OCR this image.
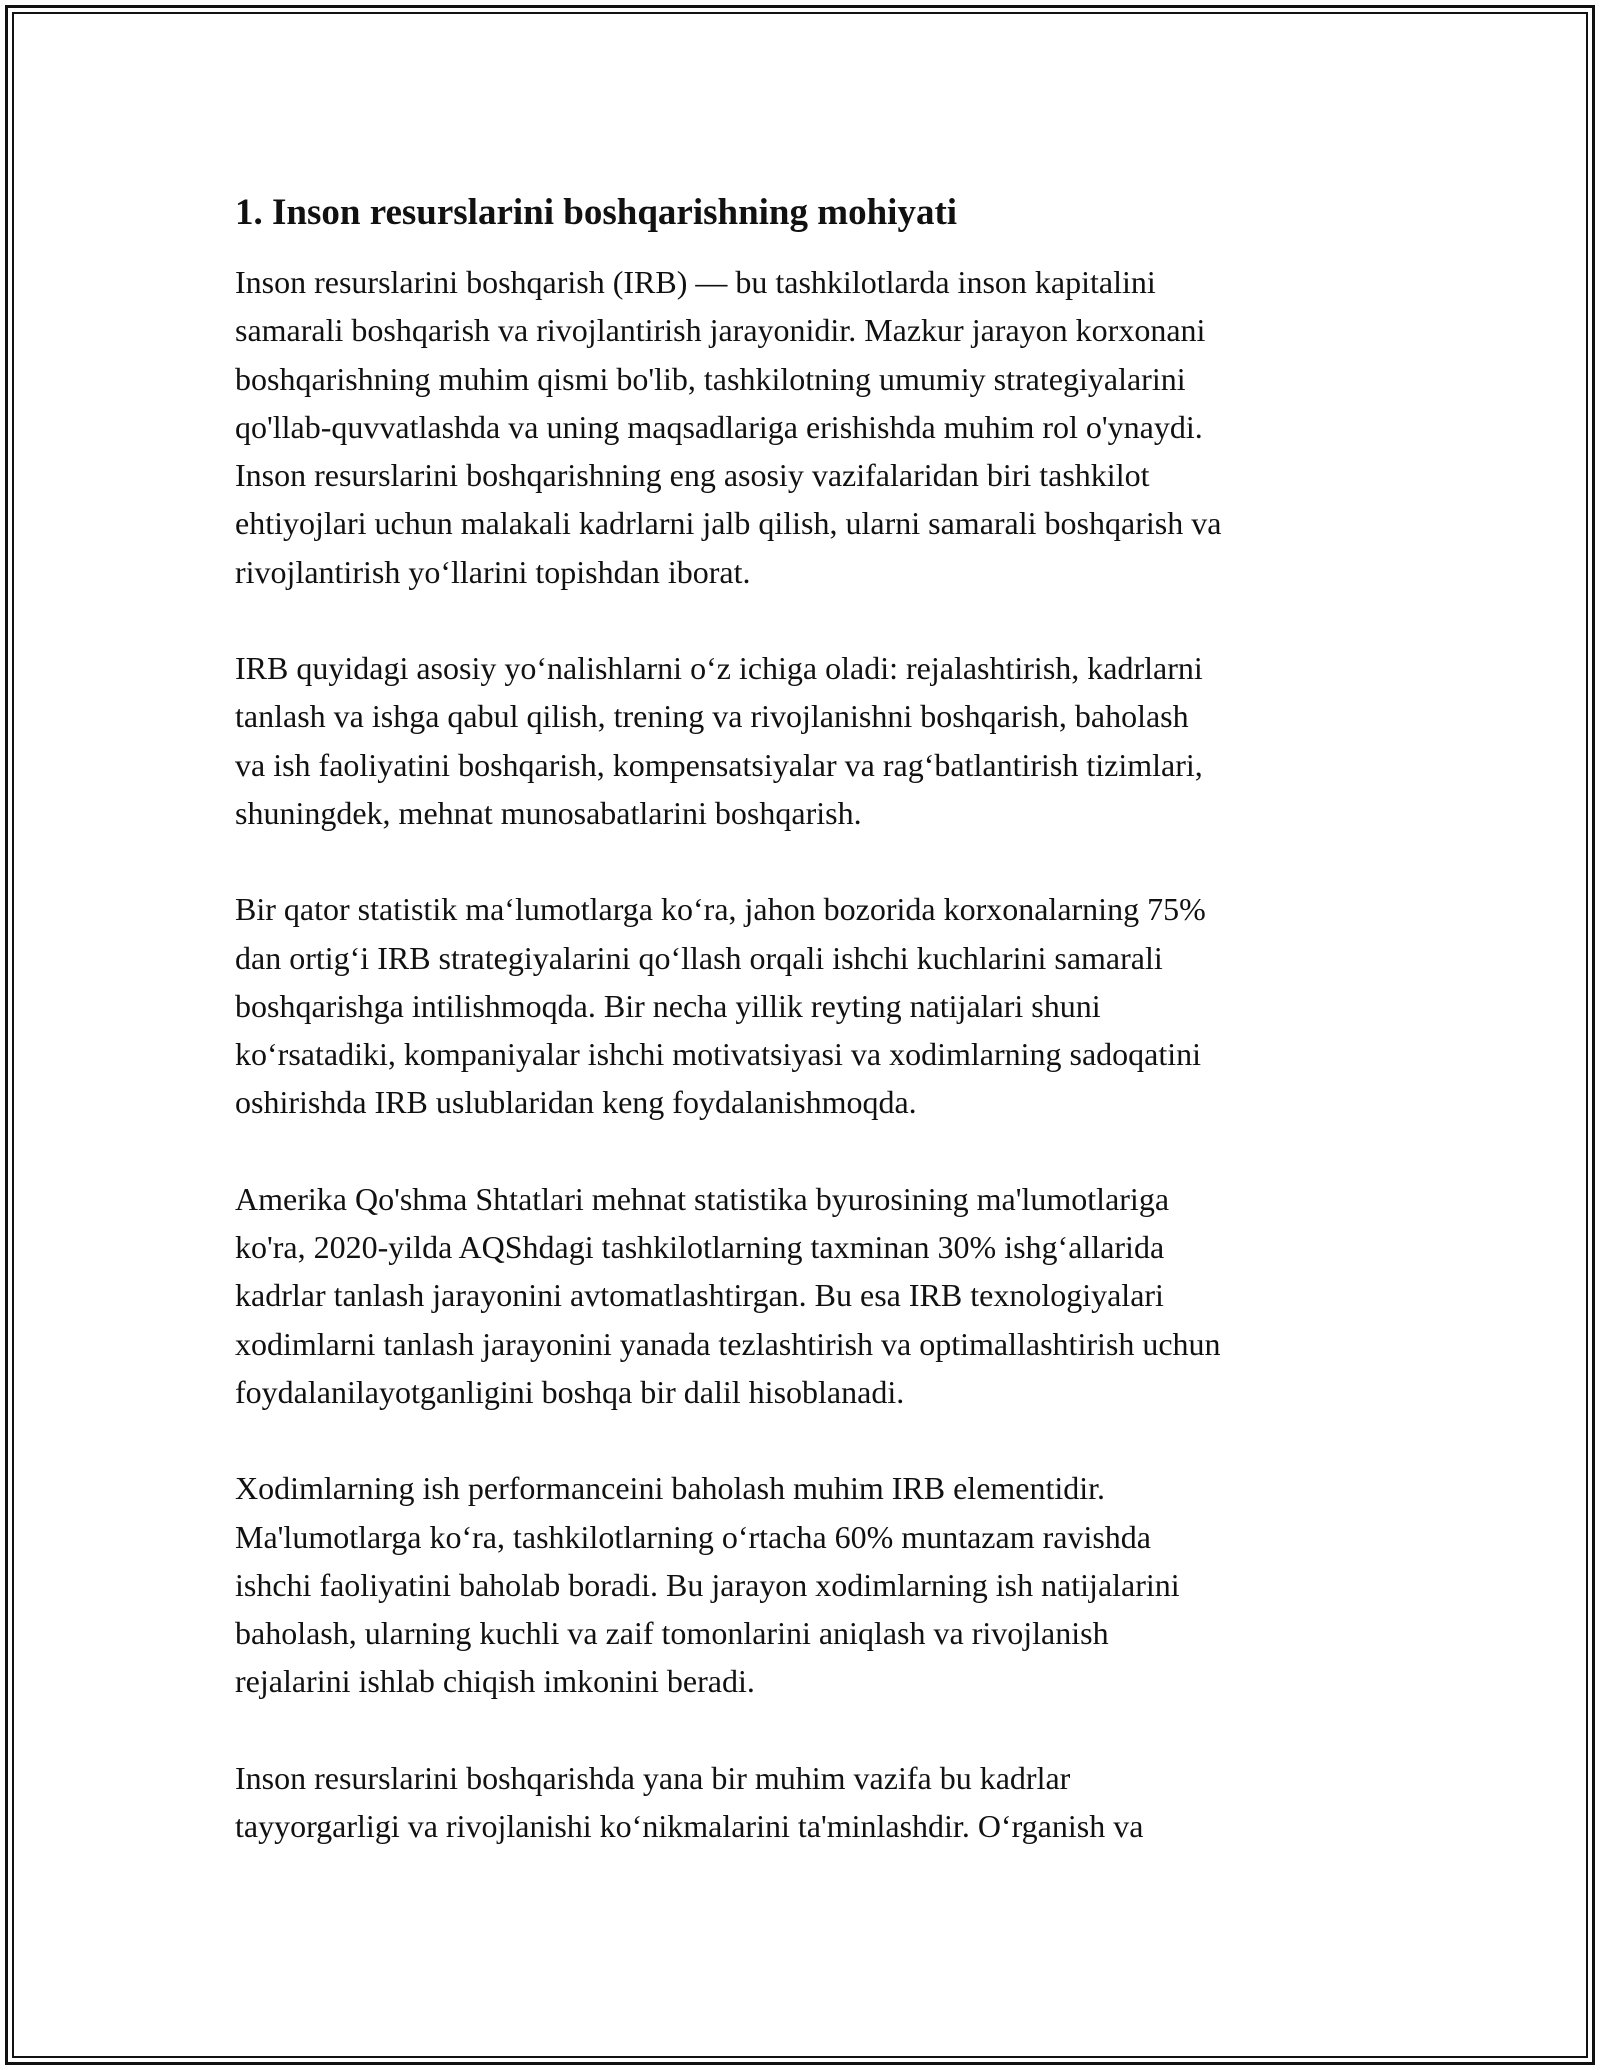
1. Inson resurslarini boshqarishning mohiyati

Inson resurslarini boshqarish (IRB) — bu tashkilotlarda inson kapitalini
samarali boshqarish va rivojlantirish jarayonidir. Mazkur jarayon korxonani
boshqarishning muhim qismi bo'lib, tashkilotning umumiy strategiyalarini
qo'llab-quvvatlashda va uning maqsadlariga erishishda muhim rol o'ynaydi.
Inson resurslarini boshqarishning eng asosiy vazifalaridan biri tashkilot
ehtiyojlari uchun malakali kadrlarni jalb qilish, ularni samarali boshqarish va
rivojlantirish yo‘llarini topishdan iborat.

IRB quyidagi asosiy yo‘nalishlarni o‘z ichiga oladi: rejalashtirish, kadrlarni
tanlash va ishga qabul qilish, trening va rivojlanishni boshqarish, baholash
va ish faoliyatini boshqarish, kompensatsiyalar va rag‘batlantirish tizimlari,
shuningdek, mehnat munosabatlarini boshqarish.

Bir qator statistik ma‘lumotlarga ko‘ra, jahon bozorida korxonalarning 75%
dan ortig‘i IRB strategiyalarini qo‘llash orqali ishchi kuchlarini samarali
boshqarishga intilishmoqda. Bir necha yillik reyting natijalari shuni
ko‘rsatadiki, kompaniyalar ishchi motivatsiyasi va xodimlarning sadoqatini
oshirishda IRB uslublaridan keng foydalanishmoqda.

Amerika Qo'shma Shtatlari mehnat statistika byurosining ma'lumotlariga
ko'ra, 2020-yilda AQShdagi tashkilotlarning taxminan 30% ishg‘allarida
kadrlar tanlash jarayonini avtomatlashtirgan. Bu esa IRB texnologiyalari
xodimlarni tanlash jarayonini yanada tezlashtirish va optimallashtirish uchun
foydalanilayotganligini boshqa bir dalil hisoblanadi.

Xodimlarning ish performanceini baholash muhim IRB elementidir.
Ma'lumotlarga ko‘ra, tashkilotlarning o‘rtacha 60% muntazam ravishda
ishchi faoliyatini baholab boradi. Bu jarayon xodimlarning ish natijalarini
baholash, ularning kuchli va zaif tomonlarini aniqlash va rivojlanish
rejalarini ishlab chiqish imkonini beradi.

Inson resurslarini boshqarishda yana bir muhim vazifa bu kadrlar
tayyorgarligi va rivojlanishi ko‘nikmalarini ta'minlashdir. O‘rganish va
